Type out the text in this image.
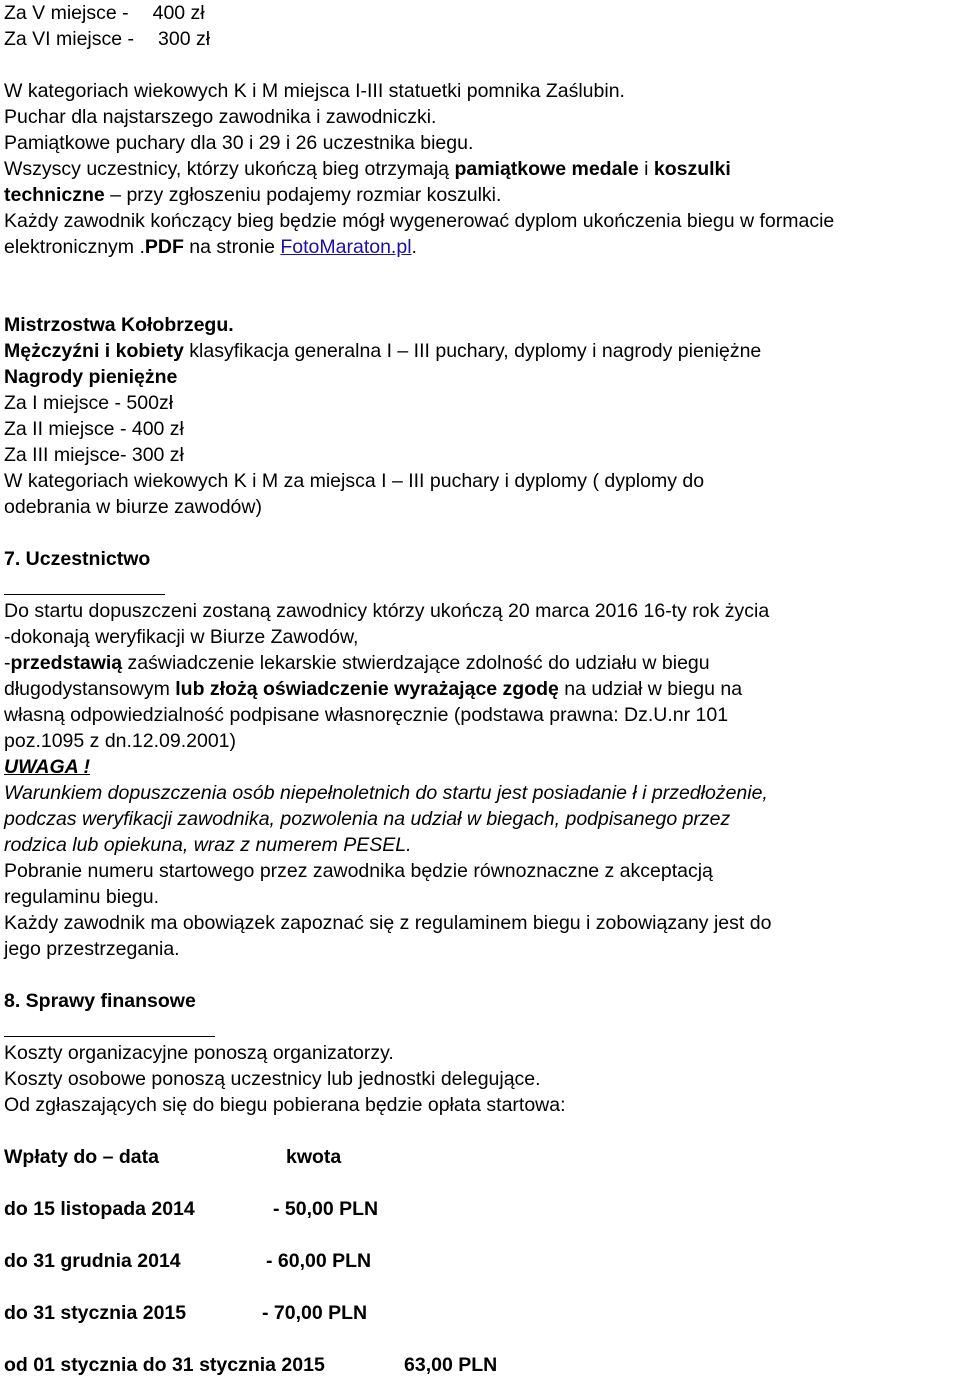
Za V miejsce - 400 zł
Za VI miejsce - 300 zł
W kategoriach wiekowych K i M miejsca I-III statuetki pomnika Zaślubin.
Puchar dla najstarszego zawodnika i zawodniczki.
Pamiątkowe puchary dla 30 i 29 i 26 uczestnika biegu.
Wszyscy uczestnicy, którzy ukończą bieg otrzymają pamiątkowe medale i koszulki
techniczne – przy zgłoszeniu podajemy rozmiar koszulki.
Każdy zawodnik kończący bieg będzie mógł wygenerować dyplom ukończenia biegu w formacie
elektronicznym .PDF na stronie FotoMaraton.pl.
Mistrzostwa Kołobrzegu.
Mężczyźni i kobiety klasyfikacja generalna I – III puchary, dyplomy i nagrody pieniężne
Nagrody pieniężne
Za I miejsce - 500zł
Za II miejsce - 400 zł
Za III miejsce- 300 zł
W kategoriach wiekowych K i M za miejsca I – III puchary i dyplomy ( dyplomy do
odebrania w biurze zawodów)
7. Uczestnictwo
Do startu dopuszczeni zostaną zawodnicy którzy ukończą 20 marca 2016 16-ty rok życia
-dokonają weryfikacji w Biurze Zawodów,
-przedstawią zaświadczenie lekarskie stwierdzające zdolność do udziału w biegu
długodystansowym lub złożą oświadczenie wyrażające zgodę na udział w biegu na
własną odpowiedzialność podpisane własnoręcznie (podstawa prawna: Dz.U.nr 101
poz.1095 z dn.12.09.2001)
UWAGA !
Warunkiem dopuszczenia osób niepełnoletnich do startu jest posiadanie ł i przedłożenie,
podczas weryfikacji zawodnika, pozwolenia na udział w biegach, podpisanego przez
rodzica lub opiekuna, wraz z numerem PESEL.
Pobranie numeru startowego przez zawodnika będzie równoznaczne z akceptacją
regulaminu biegu.
Każdy zawodnik ma obowiązek zapoznać się z regulaminem biegu i zobowiązany jest do
jego przestrzegania.
8. Sprawy finansowe
Koszty organizacyjne ponoszą organizatorzy.
Koszty osobowe ponoszą uczestnicy lub jednostki delegujące.
Od zgłaszających się do biegu pobierana będzie opłata startowa:
Wpłaty do – data	kwota
do 15 listopada 2014	- 50,00 PLN
do 31 grudnia 2014	- 60,00 PLN
do 31 stycznia 2015	- 70,00 PLN
od 01 stycznia do 31 stycznia 2015	63,00 PLN
